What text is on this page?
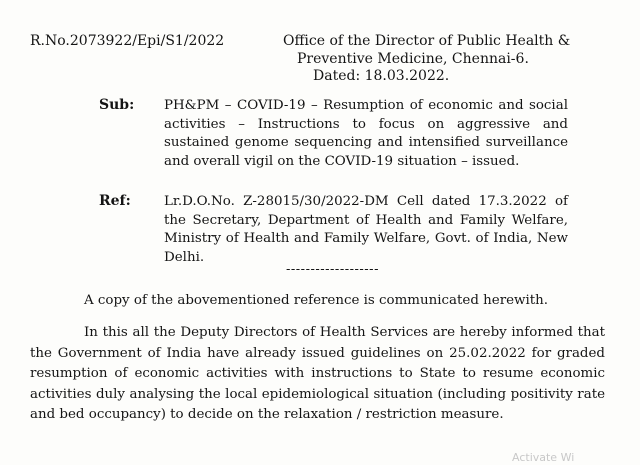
R.No.2073922/Epi/S1/2022	Office of the Director of Public Health &
Preventive Medicine, Chennai-6.
Dated: 18.03.2022.
Sub: PH&PM – COVID-19 – Resumption of economic and social activities – Instructions to focus on aggressive and sustained genome sequencing and intensified surveillance and overall vigil on the COVID-19 situation – issued.
Ref: Lr.D.O.No. Z-28015/30/2022-DM Cell dated 17.3.2022 of the Secretary, Department of Health and Family Welfare, Ministry of Health and Family Welfare, Govt. of India, New Delhi.
-------------------
A copy of the abovementioned reference is communicated herewith.
In this all the Deputy Directors of Health Services are hereby informed that the Government of India have already issued guidelines on 25.02.2022 for graded resumption of economic activities with instructions to State to resume economic activities duly analysing the local epidemiological situation (including positivity rate and bed occupancy) to decide on the relaxation / restriction measure.
Activate Wi
